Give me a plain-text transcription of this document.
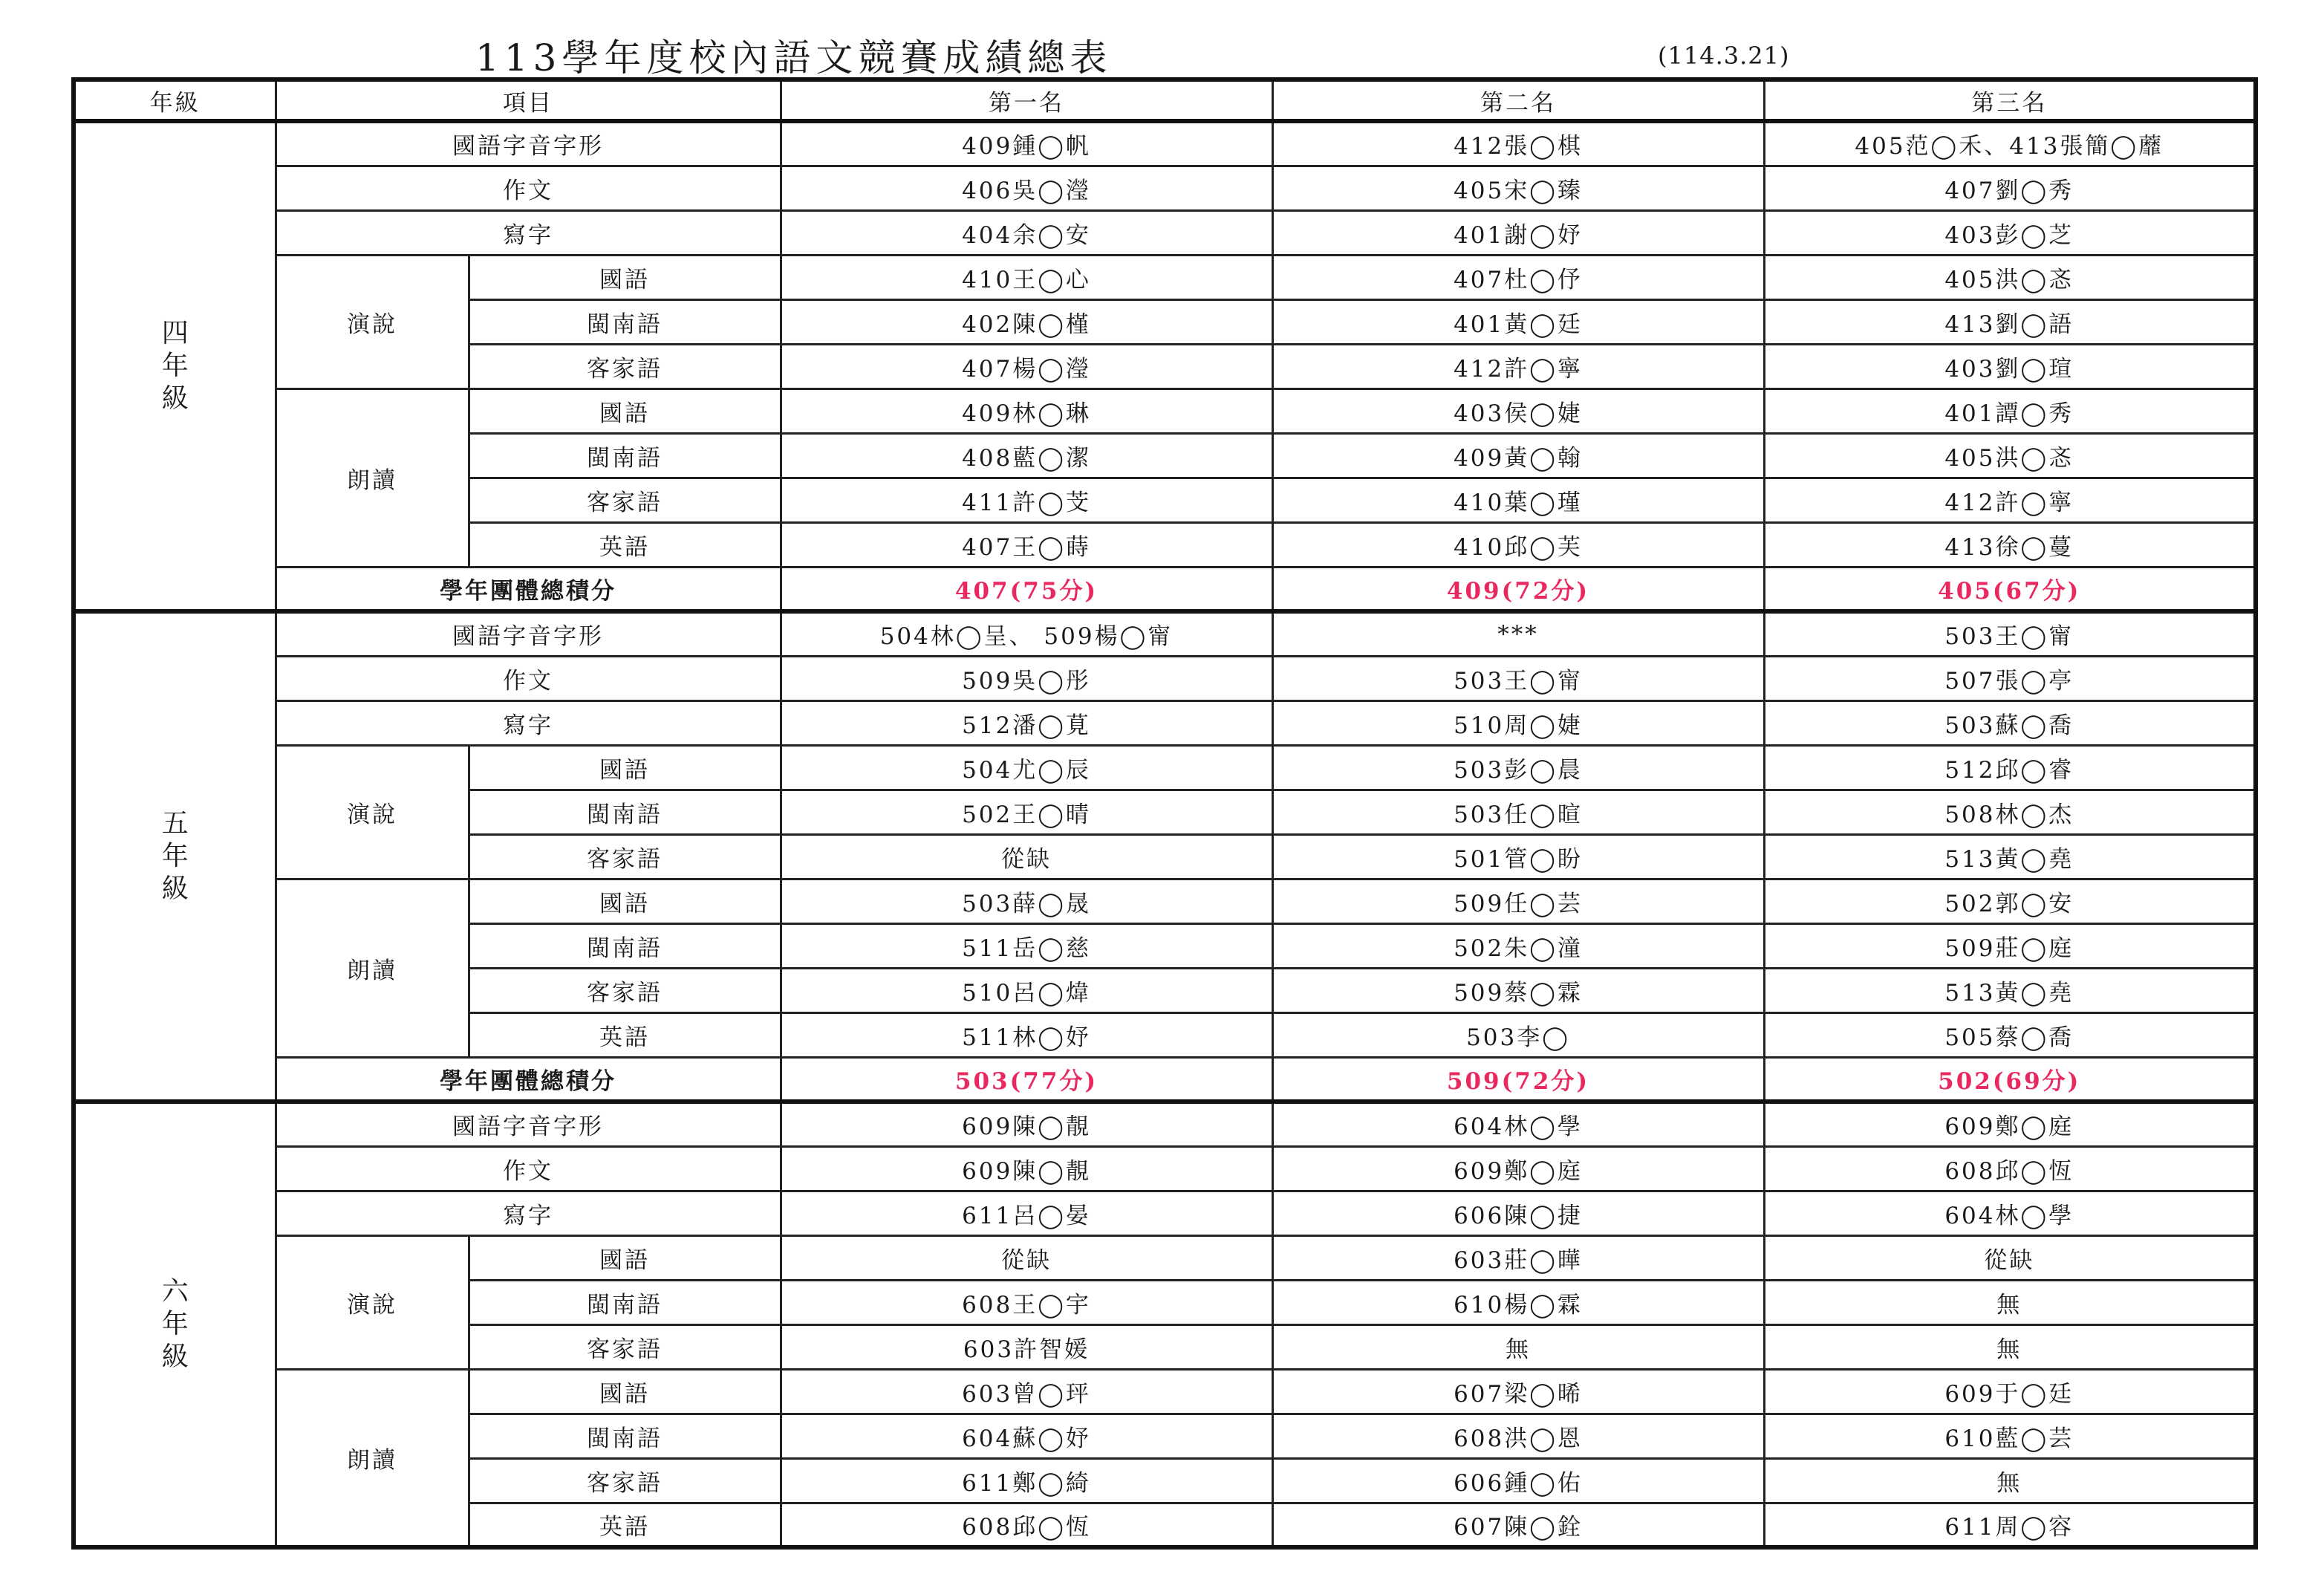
113學年度校內語文競賽成績總表	(114.3.21)
年級	項目		第一名	第二名	第三名

四
年
級	國語字音字形		409鍾◯帆	412張◯棋	405范◯禾、413張簡◯蘼
	作文		406吳◯瀅	405宋◯臻	407劉◯秀
	寫字		404余◯安	401謝◯妤	403彭◯芝
	演說	國語	410王◯心	407杜◯伃	405洪◯忞
		閩南語	402陳◯槿	401黃◯廷	413劉◯語
		客家語	407楊◯瀅	412許◯寧	403劉◯瑄
	朗讀	國語	409林◯琳	403侯◯婕	401譚◯秀
		閩南語	408藍◯潔	409黃◯翰	405洪◯忞
		客家語	411許◯芠	410葉◯瑾	412許◯寧
		英語	407王◯蒔	410邱◯芙	413徐◯蔓
	學年團體總積分		407(75分)	409(72分)	405(67分)

五
年
級	國語字音字形		504林◯呈、 509楊◯甯	***	503王◯甯
	作文		509吳◯彤	503王◯甯	507張◯亭
	寫字		512潘◯莧	510周◯婕	503蘇◯喬
	演說	國語	504尤◯辰	503彭◯晨	512邱◯睿
		閩南語	502王◯晴	503任◯暄	508林◯杰
		客家語	從缺	501管◯盼	513黃◯堯
	朗讀	國語	503薛◯晟	509任◯芸	502郭◯安
		閩南語	511岳◯慈	502朱◯潼	509莊◯庭
		客家語	510呂◯煒	509蔡◯霖	513黃◯堯
		英語	511林◯妤	503李◯	505蔡◯喬
	學年團體總積分		503(77分)	509(72分)	502(69分)

六
年
級	國語字音字形		609陳◯靚	604林◯學	609鄭◯庭
	作文		609陳◯靚	609鄭◯庭	608邱◯恆
	寫字		611呂◯晏	606陳◯捷	604林◯學
	演說	國語	從缺	603莊◯曄	從缺
		閩南語	608王◯宇	610楊◯霖	無
		客家語	603許智媛	無	無
	朗讀	國語	603曾◯玶	607梁◯晞	609于◯廷
		閩南語	604蘇◯妤	608洪◯恩	610藍◯芸
		客家語	611鄭◯綺	606鍾◯佑	無
		英語	608邱◯恆	607陳◯銓	611周◯容
